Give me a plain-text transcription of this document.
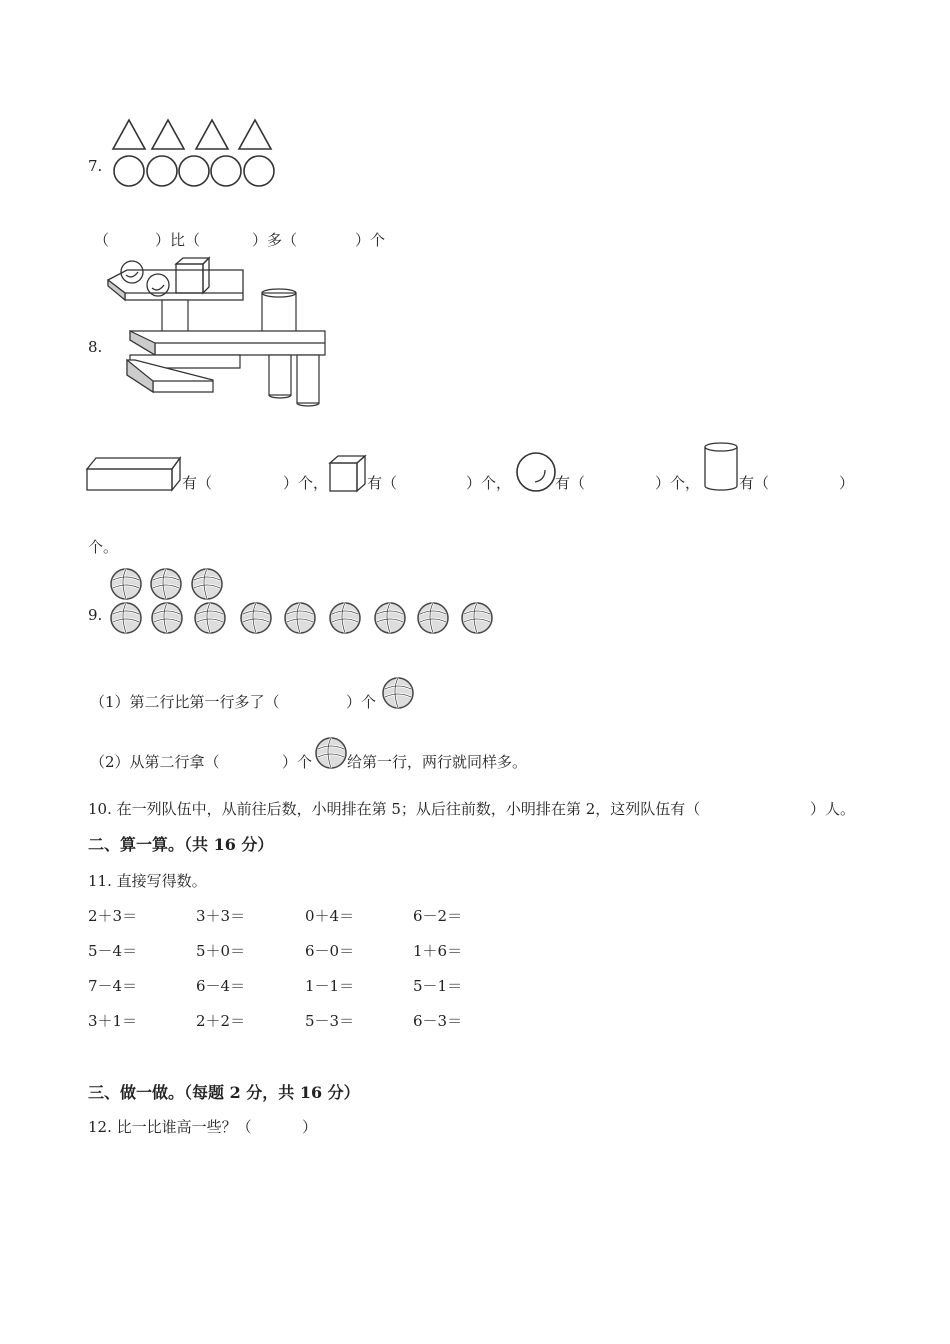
7.
（	）比（	）多（	）个
8.
有（	）个，	有（	）个，	有（	）个，	有（	）
个。
9.
（1）第二行比第一行多了（	）个
（2）从第二行拿（	）个 给第一行，两行就同样多。
10. 在一列队伍中，从前往后数，小明排在第 5；从后往前数，小明排在第 2，这列队伍有（	）人。
二、算一算。（共 16 分）
11. 直接写得数。
2＋3＝	3＋3＝	0＋4＝	6－2＝
5－4＝	5＋0＝	6－0＝	1＋6＝
7－4＝	6－4＝	1－1＝	5－1＝
3＋1＝	2＋2＝	5－3＝	6－3＝
三、做一做。（每题 2 分，共 16 分）
12. 比一比谁高一些？（	）
